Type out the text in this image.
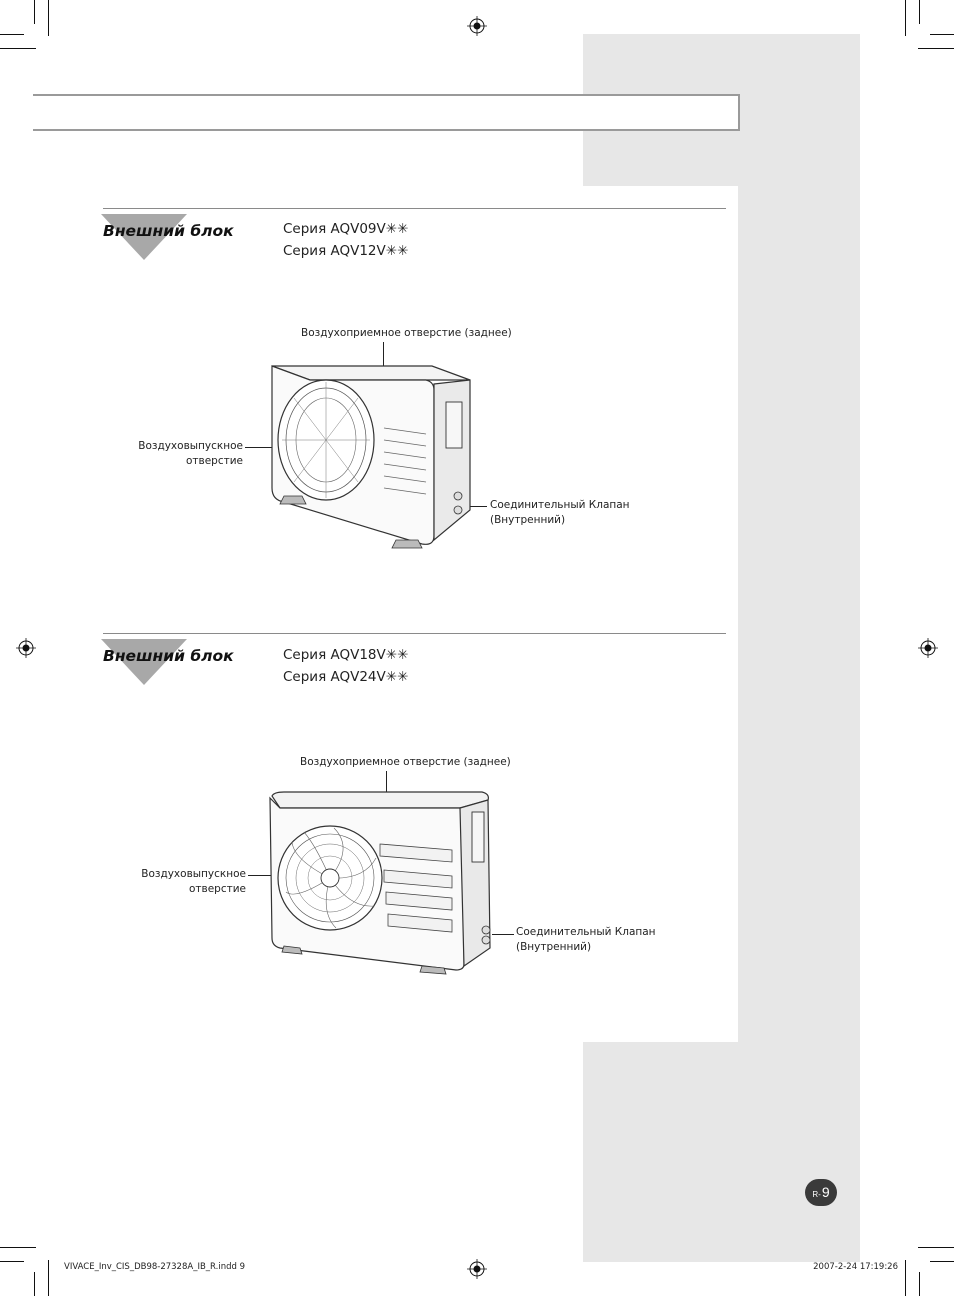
Внешний блок	Серия AQV09V✳✳
Серия AQV12V✳✳
Воздухоприемное отверстие (заднее)
Воздуховыпускное
отверстие
Соединительный Клапан
(Внутренний)
Внешний блок	Серия AQV18V✳✳
Серия AQV24V✳✳
Воздухоприемное отверстие (заднее)
Воздуховыпускное
отверстие
Соединительный Клапан
(Внутренний)
R- 9
VIVACE_Inv_CIS_DB98-27328A_IB_R.indd 9	2007-2-24 17:19:26
